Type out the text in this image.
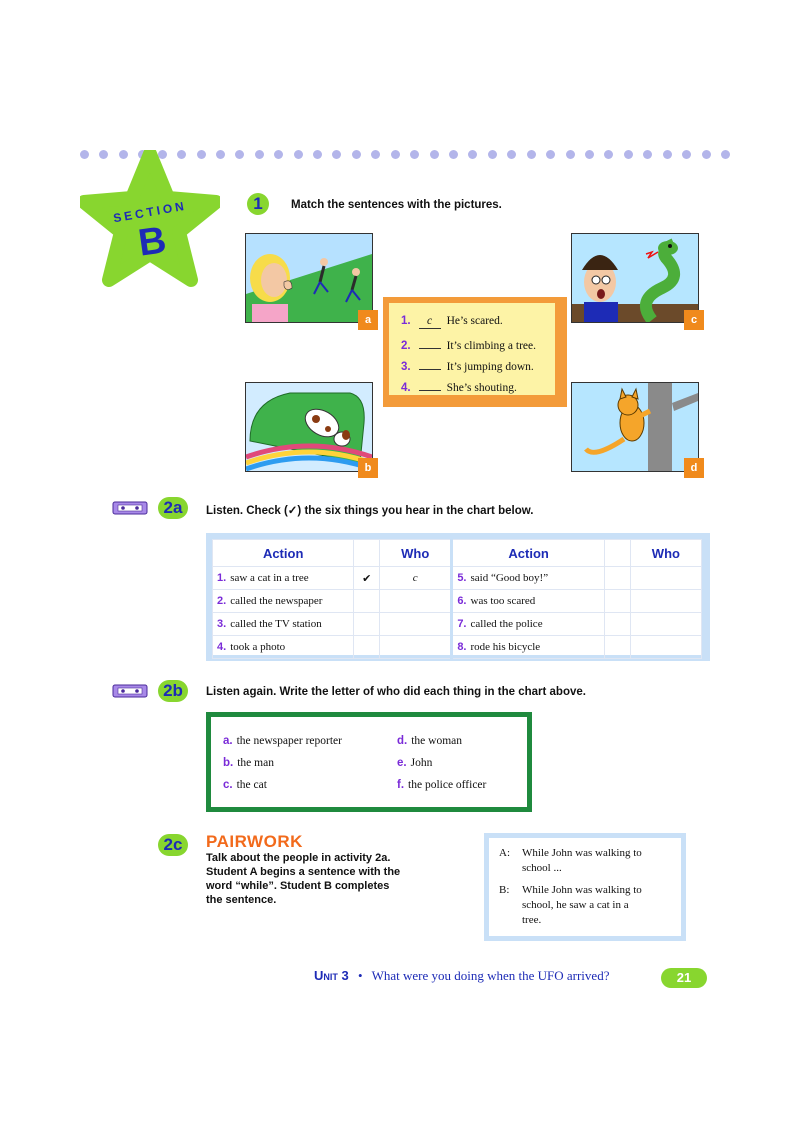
SECTION
B
1	Match the sentences with the pictures.
a	c
b	d
1. c He’s scared.
2.	It’s climbing a tree.
3.	It’s jumping down.
4.	She’s shouting.
2a	Listen. Check (✓) the six things you hear in the chart below.
Action		Who	Action		Who
1. saw a cat in a tree	✔	c	5. said “Good boy!”		
2. called the newspaper			6. was too scared		
3. called the TV station			7. called the police		
4. took a photo			8. rode his bicycle		
2b	Listen again. Write the letter of who did each thing in the chart above.
a. the newspaper reporter
b. the man
c. the cat
d. the woman
e. John
f. the police officer
2c	PAIRWORK
Talk about the people in activity 2a.
Student A begins a sentence with the
word “while”. Student B completes
the sentence.
A: While John was walking to
school ...
B: While John was walking to
school, he saw a cat in a
tree.
Unit 3 • What were you doing when the UFO arrived?	21
